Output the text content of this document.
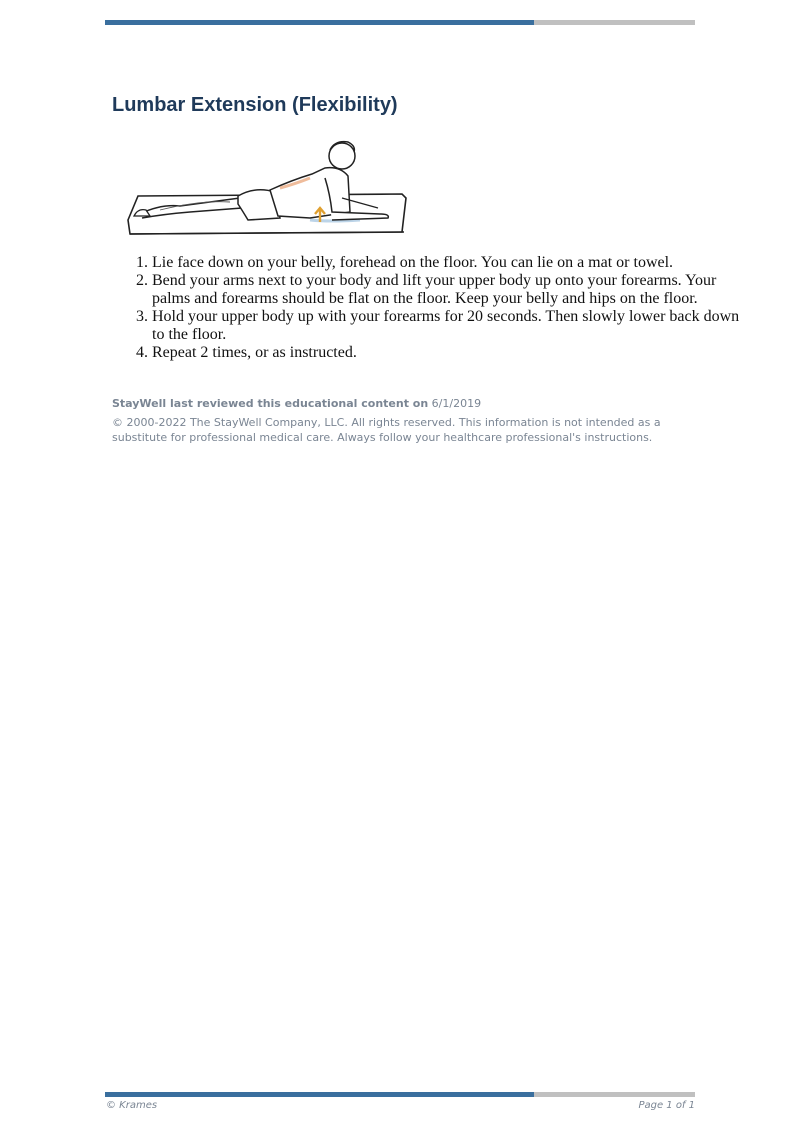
Lumbar Extension (Flexibility)
1. Lie face down on your belly, forehead on the floor. You can lie on a mat or towel.
2. Bend your arms next to your body and lift your upper body up onto your forearms. Your palms and forearms should be flat on the floor. Keep your belly and hips on the floor.
3. Hold your upper body up with your forearms for 20 seconds. Then slowly lower back down to the floor.
4. Repeat 2 times, or as instructed.

StayWell last reviewed this educational content on 6/1/2019

© 2000-2022 The StayWell Company, LLC. All rights reserved. This information is not intended as a substitute for professional medical care. Always follow your healthcare professional's instructions.

© Krames	Page 1 of 1
